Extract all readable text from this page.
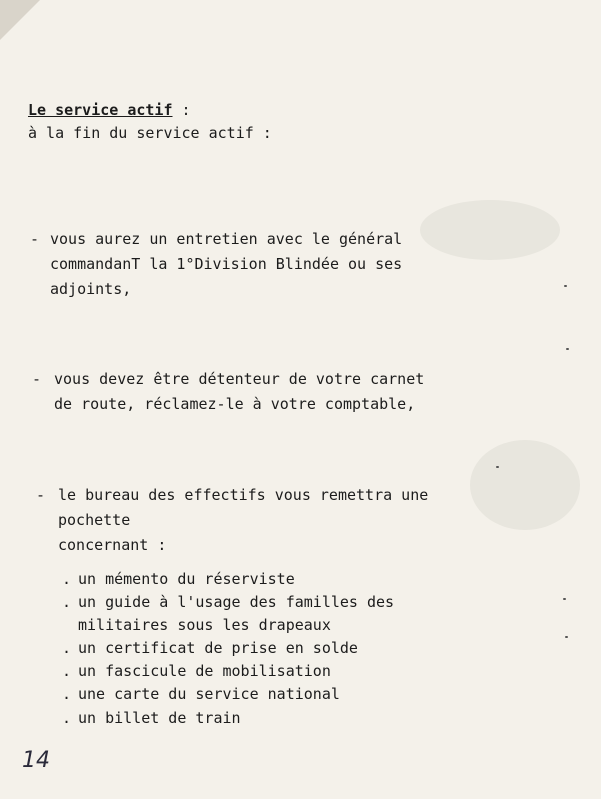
Le service actif :
à la fin du service actif :
- vous aurez un entretien avec le général
commandanT la 1°Division Blindée ou ses
adjoints,
- vous devez être détenteur de votre carnet
de route, réclamez-le à votre comptable,
- le bureau des effectifs vous remettra une
pochette
concernant :
. un mémento du réserviste
. un guide à l'usage des familles des
militaires sous les drapeaux
. un certificat de prise en solde
. un fascicule de mobilisation
. une carte du service national
. un billet de train
14
